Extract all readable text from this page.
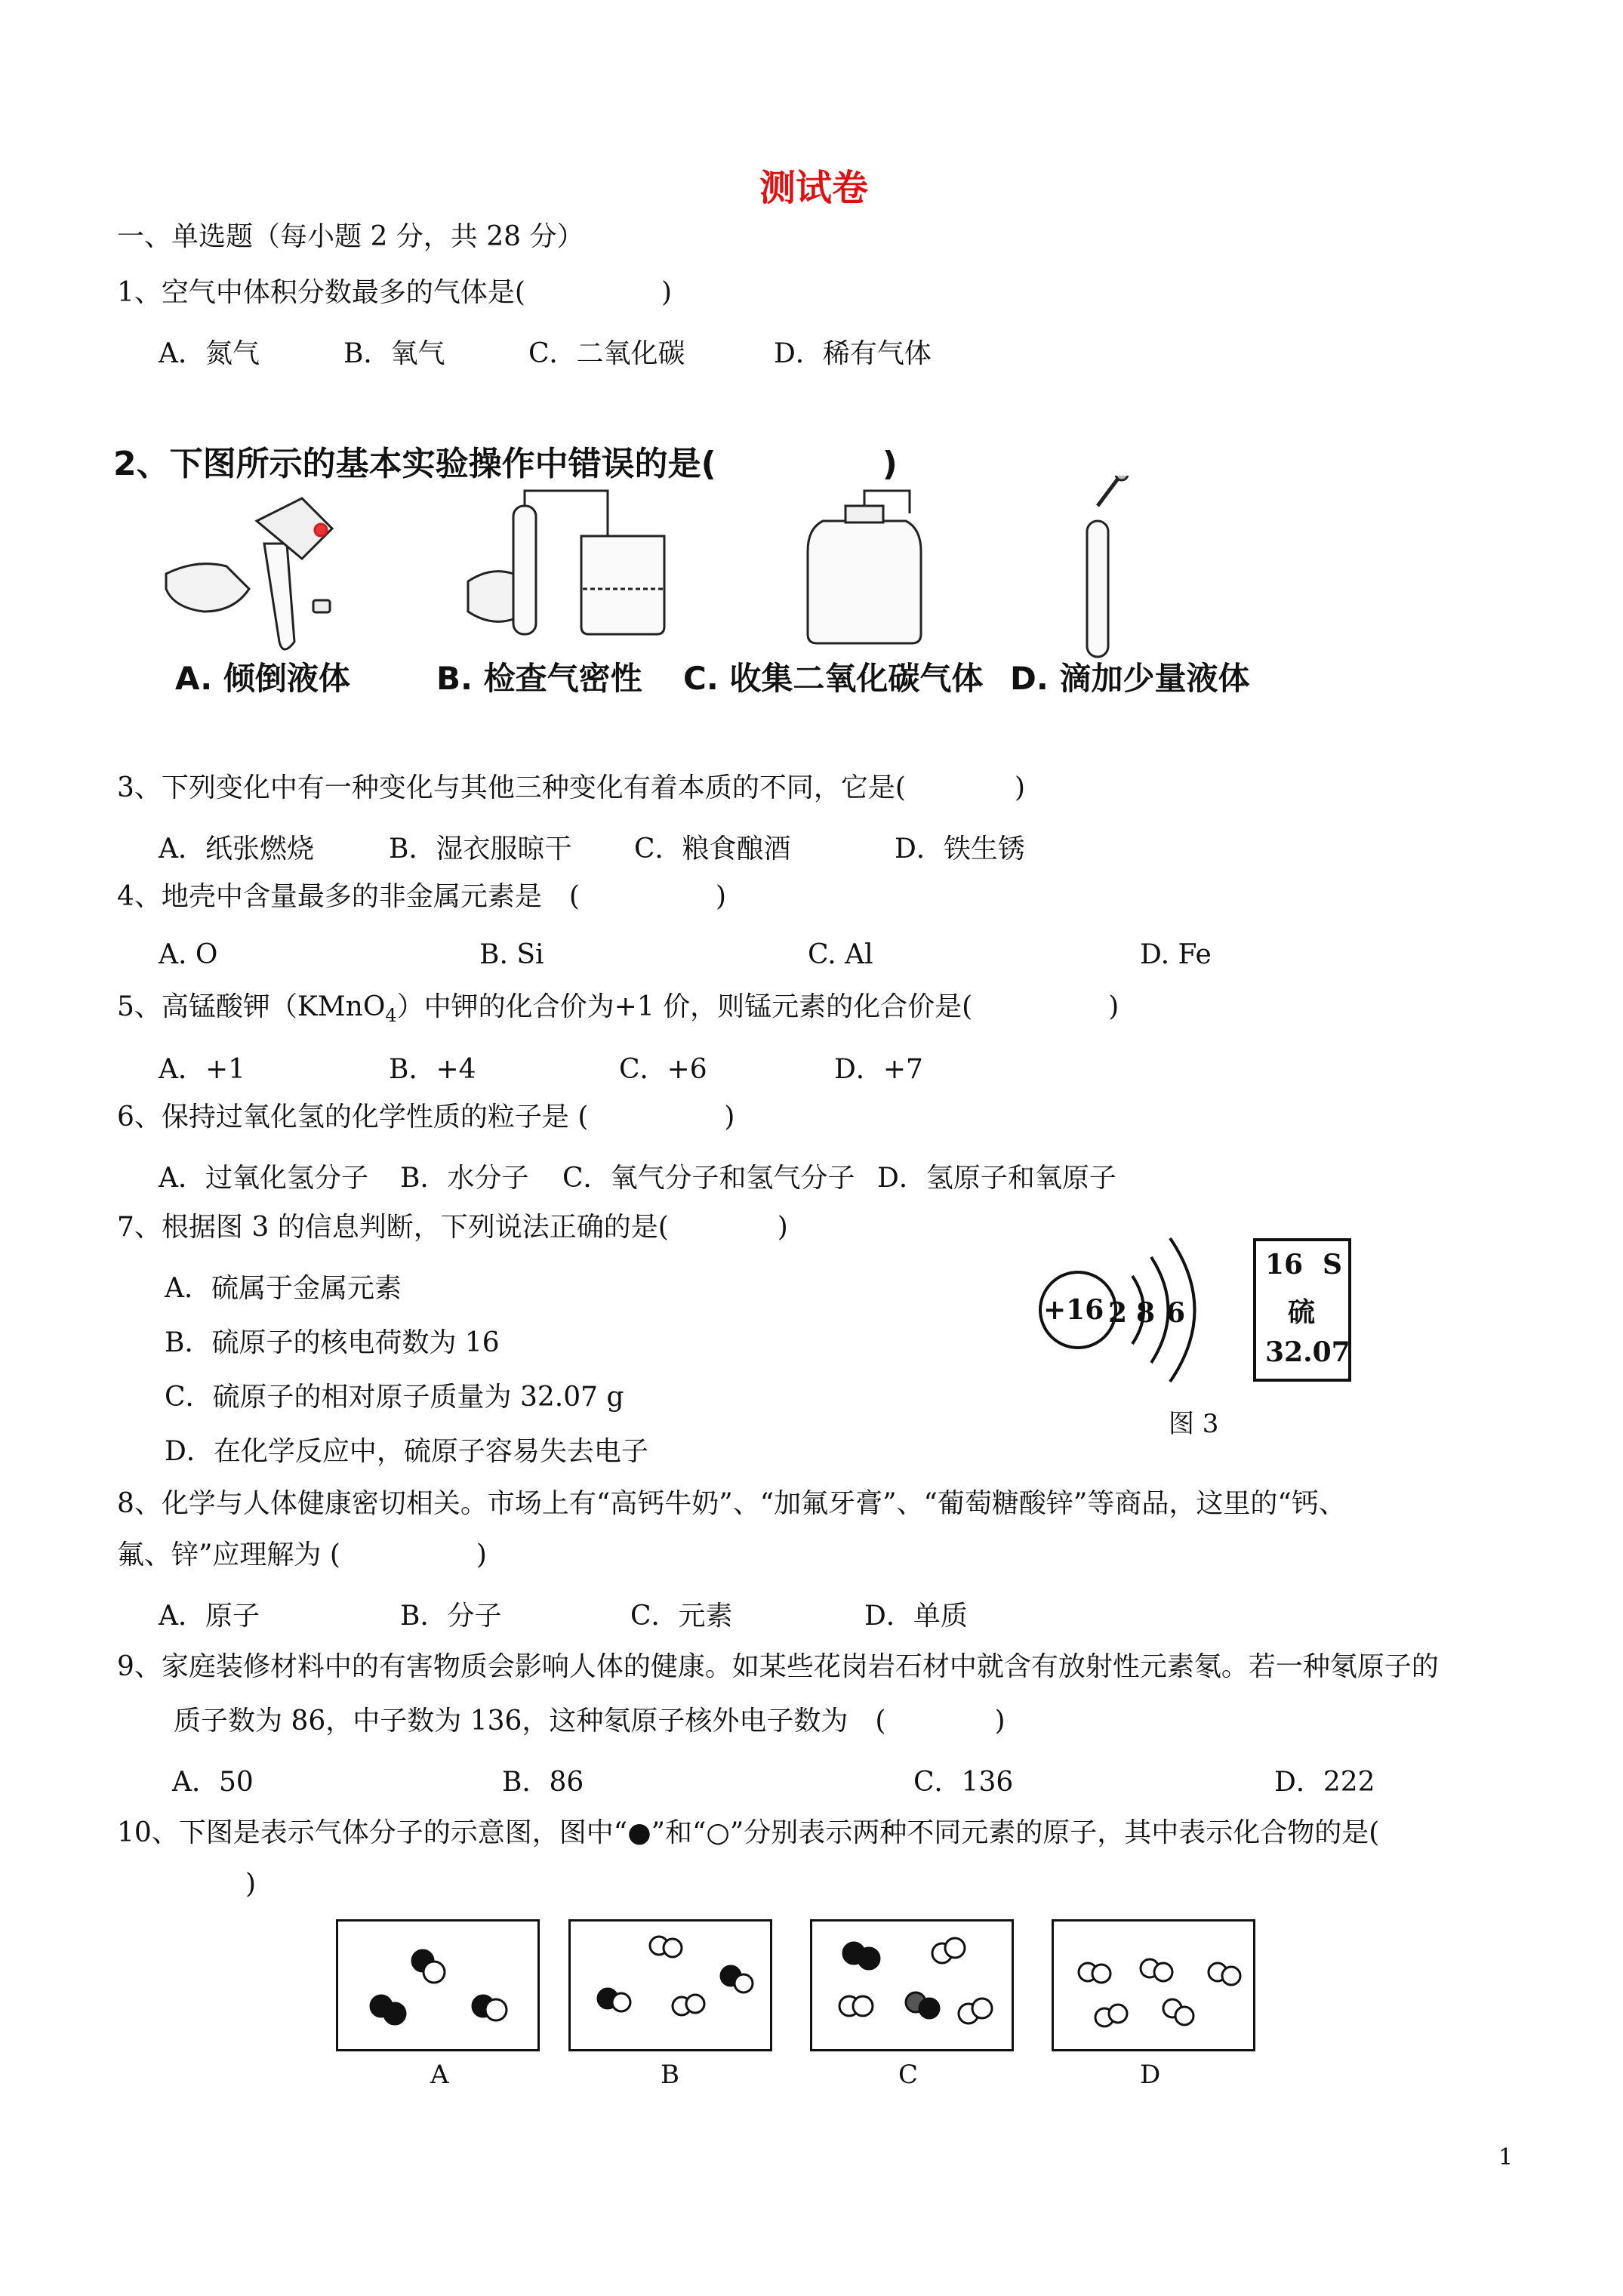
测试卷
一、单选题（每小题 2 分，共 28 分）
1、空气中体积分数最多的气体是(　　　　　)
A．氮气	B．氧气	C．二氧化碳	D．稀有气体
2、下图所示的基本实验操作中错误的是(　　　　　)
A. 倾倒液体	B. 检查气密性 C. 收集二氧化碳气体 D. 滴加少量液体
3、下列变化中有一种变化与其他三种变化有着本质的不同，它是(　　　　)
A．纸张燃烧	B．湿衣服晾干 C．粮食酿酒	D．铁生锈
4、地壳中含量最多的非金属元素是　(　　　　　)
A. O	B. Si	C. Al	D. Fe
5、高锰酸钾（KMnO$_4$）中钾的化合价为+1 价，则锰元素的化合价是(　　　　　)
A．+1	B．+4	C．+6	D．+7
6、保持过氧化氢的化学性质的粒子是 (　　　　　)
A．过氧化氢分子 B．水分子 C．氧气分子和氢气分子 D．氢原子和氧原子
7、根据图 3 的信息判断，下列说法正确的是(　　　　)
A．硫属于金属元素
B．硫原子的核电荷数为 16
C．硫原子的相对原子质量为 32.07 g
D．在化学反应中，硫原子容易失去电子
+16 2 8 6
16 S
硫
32.07
图 3
8、化学与人体健康密切相关。市场上有“高钙牛奶”、“加氟牙膏”、“葡萄糖酸锌”等商品，这里的“钙、
氟、锌”应理解为 (　　　　　)
A．原子	B．分子	C．元素	D．单质
9、家庭装修材料中的有害物质会影响人体的健康。如某些花岗岩石材中就含有放射性元素氡。若一种氡原子的
质子数为 86，中子数为 136，这种氡原子核外电子数为　(　　　　)
A．50	B．86	C．136	D．222
10、下图是表示气体分子的示意图，图中“●”和“○”分别表示两种不同元素的原子，其中表示化合物的是(
)
A	B	C	D
1
